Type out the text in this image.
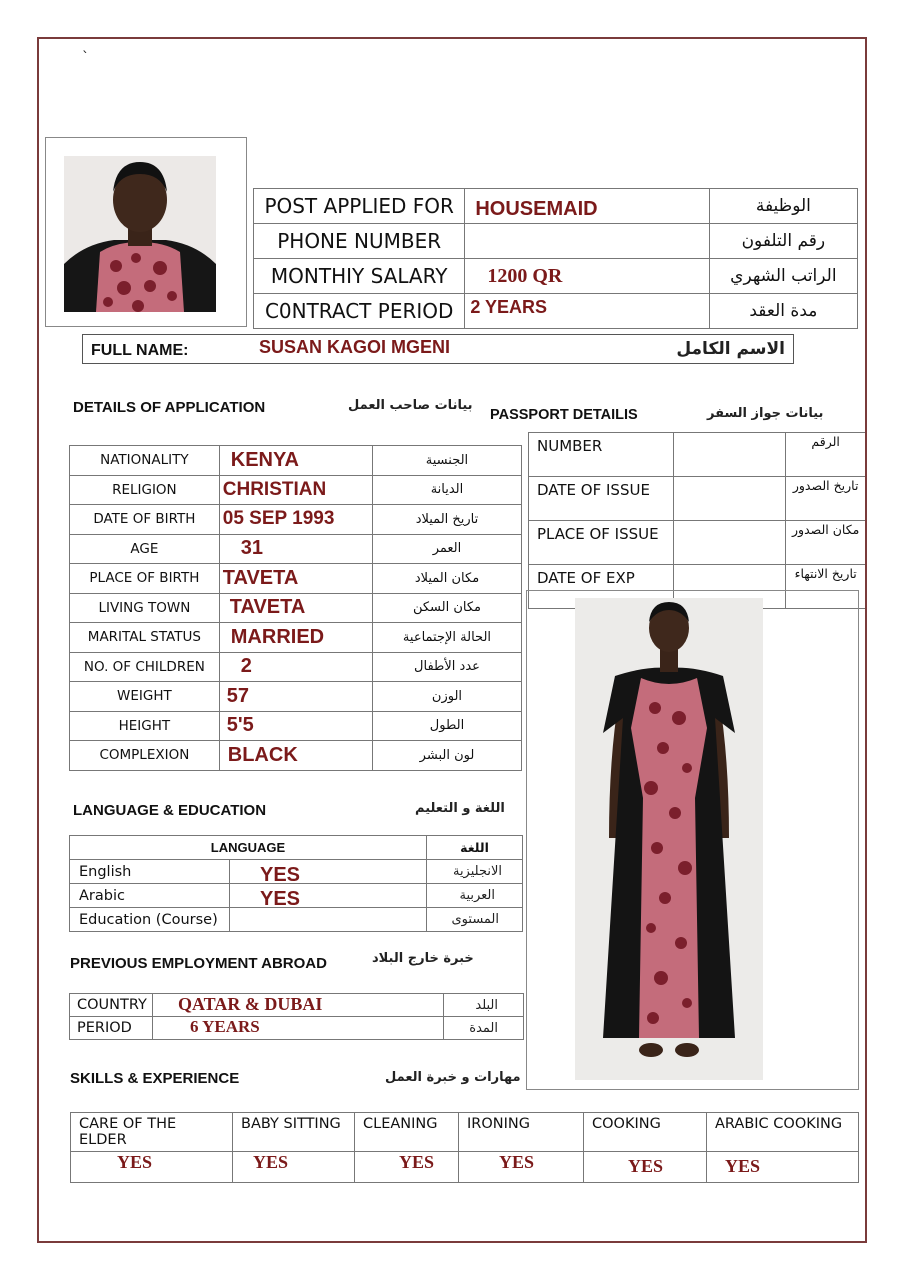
`
POST APPLIED FOR	HOUSEMAID	الوظيفة
PHONE NUMBER		رقم التلفون
MONTHIY SALARY	1200 QR	الراتب الشهري
C0NTRACT PERIOD	2 YEARS	مدة العقد
FULL NAME:	SUSAN KAGOI MGENI	الاسم الكامل
DETAILS OF APPLICATION	بيانات صاحب العمل
NATIONALITY	KENYA	الجنسية
RELIGION	CHRISTIAN	الديانة
DATE OF BIRTH	05 SEP 1993	تاريخ الميلاد
AGE	31	العمر
PLACE OF BIRTH	TAVETA	مكان الميلاد
LIVING TOWN	TAVETA	مكان السكن
MARITAL STATUS	MARRIED	الحالة الإجتماعية
NO. OF CHILDREN	2	عدد الأطفال
WEIGHT	57	الوزن
HEIGHT	5'5	الطول
COMPLEXION	BLACK	لون البشر
PASSPORT DETAILIS	بيانات جواز السفر
NUMBER		الرقم
DATE OF ISSUE		تاريخ الصدور
PLACE OF ISSUE		مكان الصدور
DATE OF EXP		تاريخ الانتهاء
LANGUAGE & EDUCATION	اللغة و التعليم
LANGUAGE		اللغة
English	YES	الانجليزية
Arabic	YES	العربية
Education (Course)		المستوى
PREVIOUS EMPLOYMENT ABROAD	خبرة خارج البلاد
COUNTRY	QATAR & DUBAI	البلد
PERIOD	6 YEARS	المدة
SKILLS & EXPERIENCE	مهارات و خبرة العمل
CARE OF THE ELDER	BABY SITTING	CLEANING	IRONING	COOKING	ARABIC COOKING
YES	YES	YES	YES	YES	YES
